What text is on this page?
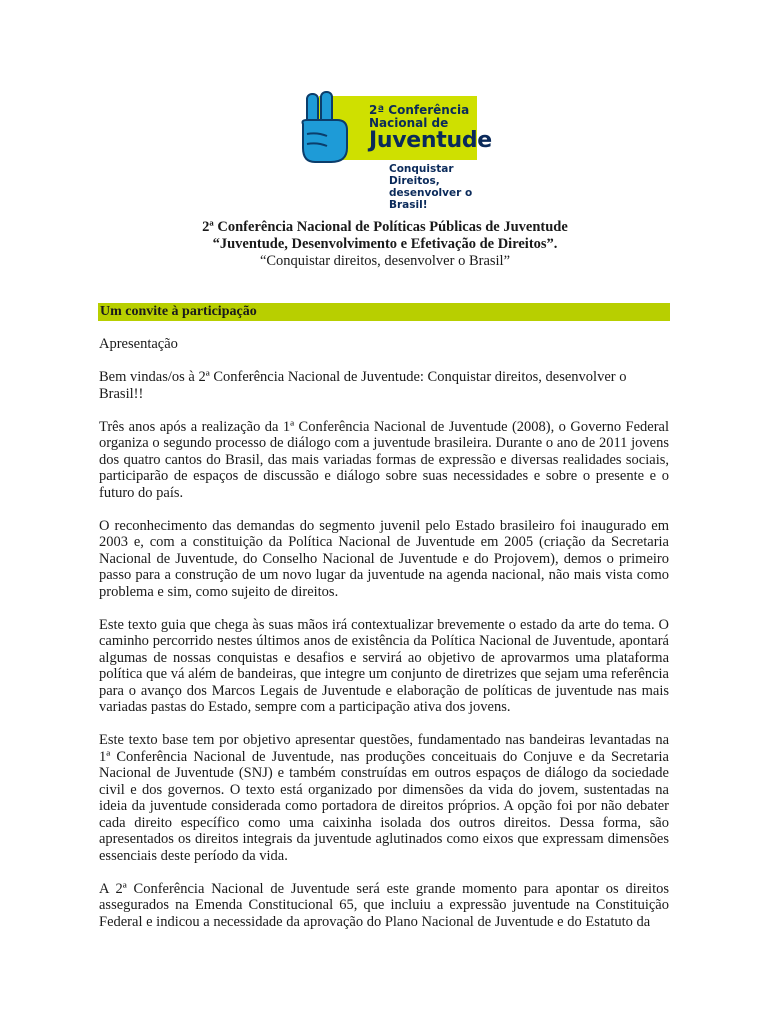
2ª Conferência
Nacional de
Juventude
Conquistar Direitos,
desenvolver o Brasil!
2ª Conferência Nacional de Políticas Públicas de Juventude
“Juventude, Desenvolvimento e Efetivação de Direitos”.
“Conquistar direitos, desenvolver o Brasil”
Um convite à participação

Apresentação

Bem vindas/os à 2ª Conferência Nacional de Juventude: Conquistar direitos, desenvolver o Brasil!!

Três anos após a realização da 1ª Conferência Nacional de Juventude (2008), o Governo Federal organiza o segundo processo de diálogo com a juventude brasileira. Durante o ano de 2011 jovens dos quatro cantos do Brasil, das mais variadas formas de expressão e diversas realidades sociais, participarão de espaços de discussão e diálogo sobre suas necessidades e sobre o presente e o futuro do país.

O reconhecimento das demandas do segmento juvenil pelo Estado brasileiro foi inaugurado em 2003 e, com a constituição da Política Nacional de Juventude em 2005 (criação da Secretaria Nacional de Juventude, do Conselho Nacional de Juventude e do Projovem), demos o primeiro passo para a construção de um novo lugar da juventude na agenda nacional, não mais vista como problema e sim, como sujeito de direitos.

Este texto guia que chega às suas mãos irá contextualizar brevemente o estado da arte do tema. O caminho percorrido nestes últimos anos de existência da Política Nacional de Juventude, apontará algumas de nossas conquistas e desafios e servirá ao objetivo de aprovarmos uma plataforma política que vá além de bandeiras, que integre um conjunto de diretrizes que sejam uma referência para o avanço dos Marcos Legais de Juventude e elaboração de políticas de juventude nas mais variadas pastas do Estado, sempre com a participação ativa dos jovens.

Este texto base tem por objetivo apresentar questões, fundamentado nas bandeiras levantadas na 1ª Conferência Nacional de Juventude, nas produções conceituais do Conjuve e da Secretaria Nacional de Juventude (SNJ) e também construídas em outros espaços de diálogo da sociedade civil e dos governos. O texto está organizado por dimensões da vida do jovem, sustentadas na ideia da juventude considerada como portadora de direitos próprios. A opção foi por não debater cada direito específico como uma caixinha isolada dos outros direitos. Dessa forma, são apresentados os direitos integrais da juventude aglutinados como eixos que expressam dimensões essenciais deste período da vida.

A 2ª Conferência Nacional de Juventude será este grande momento para apontar os direitos assegurados na Emenda Constitucional 65, que incluiu a expressão juventude na Constituição Federal e indicou a necessidade da aprovação do Plano Nacional de Juventude e do Estatuto da
